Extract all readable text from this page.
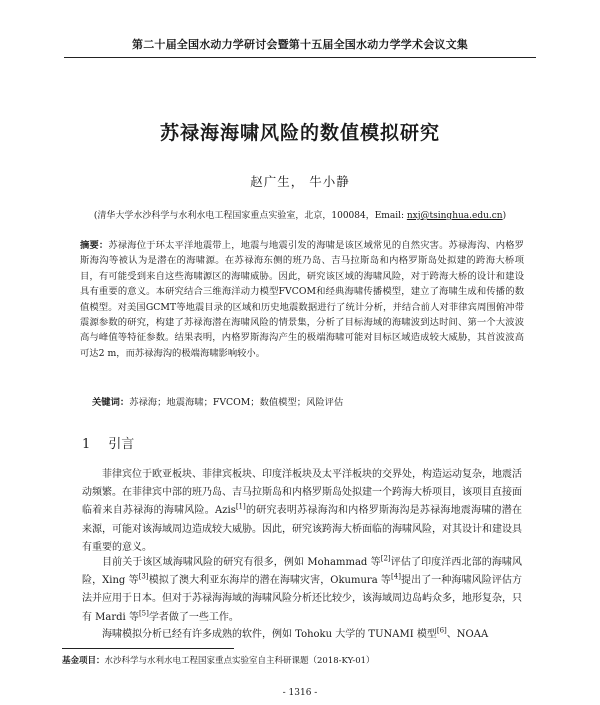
第二十届全国水动力学研讨会暨第十五届全国水动力学学术会议文集
苏禄海海啸风险的数值模拟研究
赵广生， 牛小静
(清华大学水沙科学与水利水电工程国家重点实验室，北京，100084，Email: nxj@tsinghua.edu.cn)
摘要：苏禄海位于环太平洋地震带上，地震与地震引发的海啸是该区域常见的自然灾害。苏禄海沟、内格罗斯海沟等被认为是潜在的海啸源。在苏禄海东侧的班乃岛、吉马拉斯岛和内格罗斯岛处拟建的跨海大桥项目，有可能受到来自这些海啸源区的海啸威胁。因此，研究该区域的海啸风险，对于跨海大桥的设计和建设具有重要的意义。本研究结合三维海洋动力模型FVCOM和经典海啸传播模型，建立了海啸生成和传播的数值模型。对美国GCMT等地震目录的区域和历史地震数据进行了统计分析，并结合前人对菲律宾周围俯冲带震源参数的研究，构建了苏禄海潜在海啸风险的情景集，分析了目标海域的海啸波到达时间、第一个大波波高与峰值等特征参数。结果表明，内格罗斯海沟产生的极端海啸可能对目标区域造成较大威胁，其首波波高可达2 m，而苏禄海沟的极端海啸影响较小。
关键词：苏禄海；地震海啸；FVCOM；数值模型；风险评估
1 引言
菲律宾位于欧亚板块、菲律宾板块、印度洋板块及太平洋板块的交界处，构造运动复杂，地震活动频繁。在菲律宾中部的班乃岛、吉马拉斯岛和内格罗斯岛处拟建一个跨海大桥项目，该项目直接面临着来自苏禄海的海啸风险。Azis[1]的研究表明苏禄海沟和内格罗斯海沟是苏禄海地震海啸的潜在来源，可能对该海域周边造成较大威胁。因此，研究该跨海大桥面临的海啸风险，对其设计和建设具有重要的意义。
目前关于该区域海啸风险的研究有很多，例如 Mohammad 等[2]评估了印度洋西北部的海啸风险，Xing 等[3]模拟了澳大利亚东海岸的潜在海啸灾害，Okumura 等[4]提出了一种海啸风险评估方法并应用于日本。但对于苏禄海海域的海啸风险分析还比较少，该海域周边岛屿众多，地形复杂，只有 Mardi 等[5]学者做了一些工作。
海啸模拟分析已经有许多成熟的软件，例如 Tohoku 大学的 TUNAMI 模型[6]、NOAA
基金项目：水沙科学与水利水电工程国家重点实验室自主科研课题（2018-KY-01）
- 1316 -
